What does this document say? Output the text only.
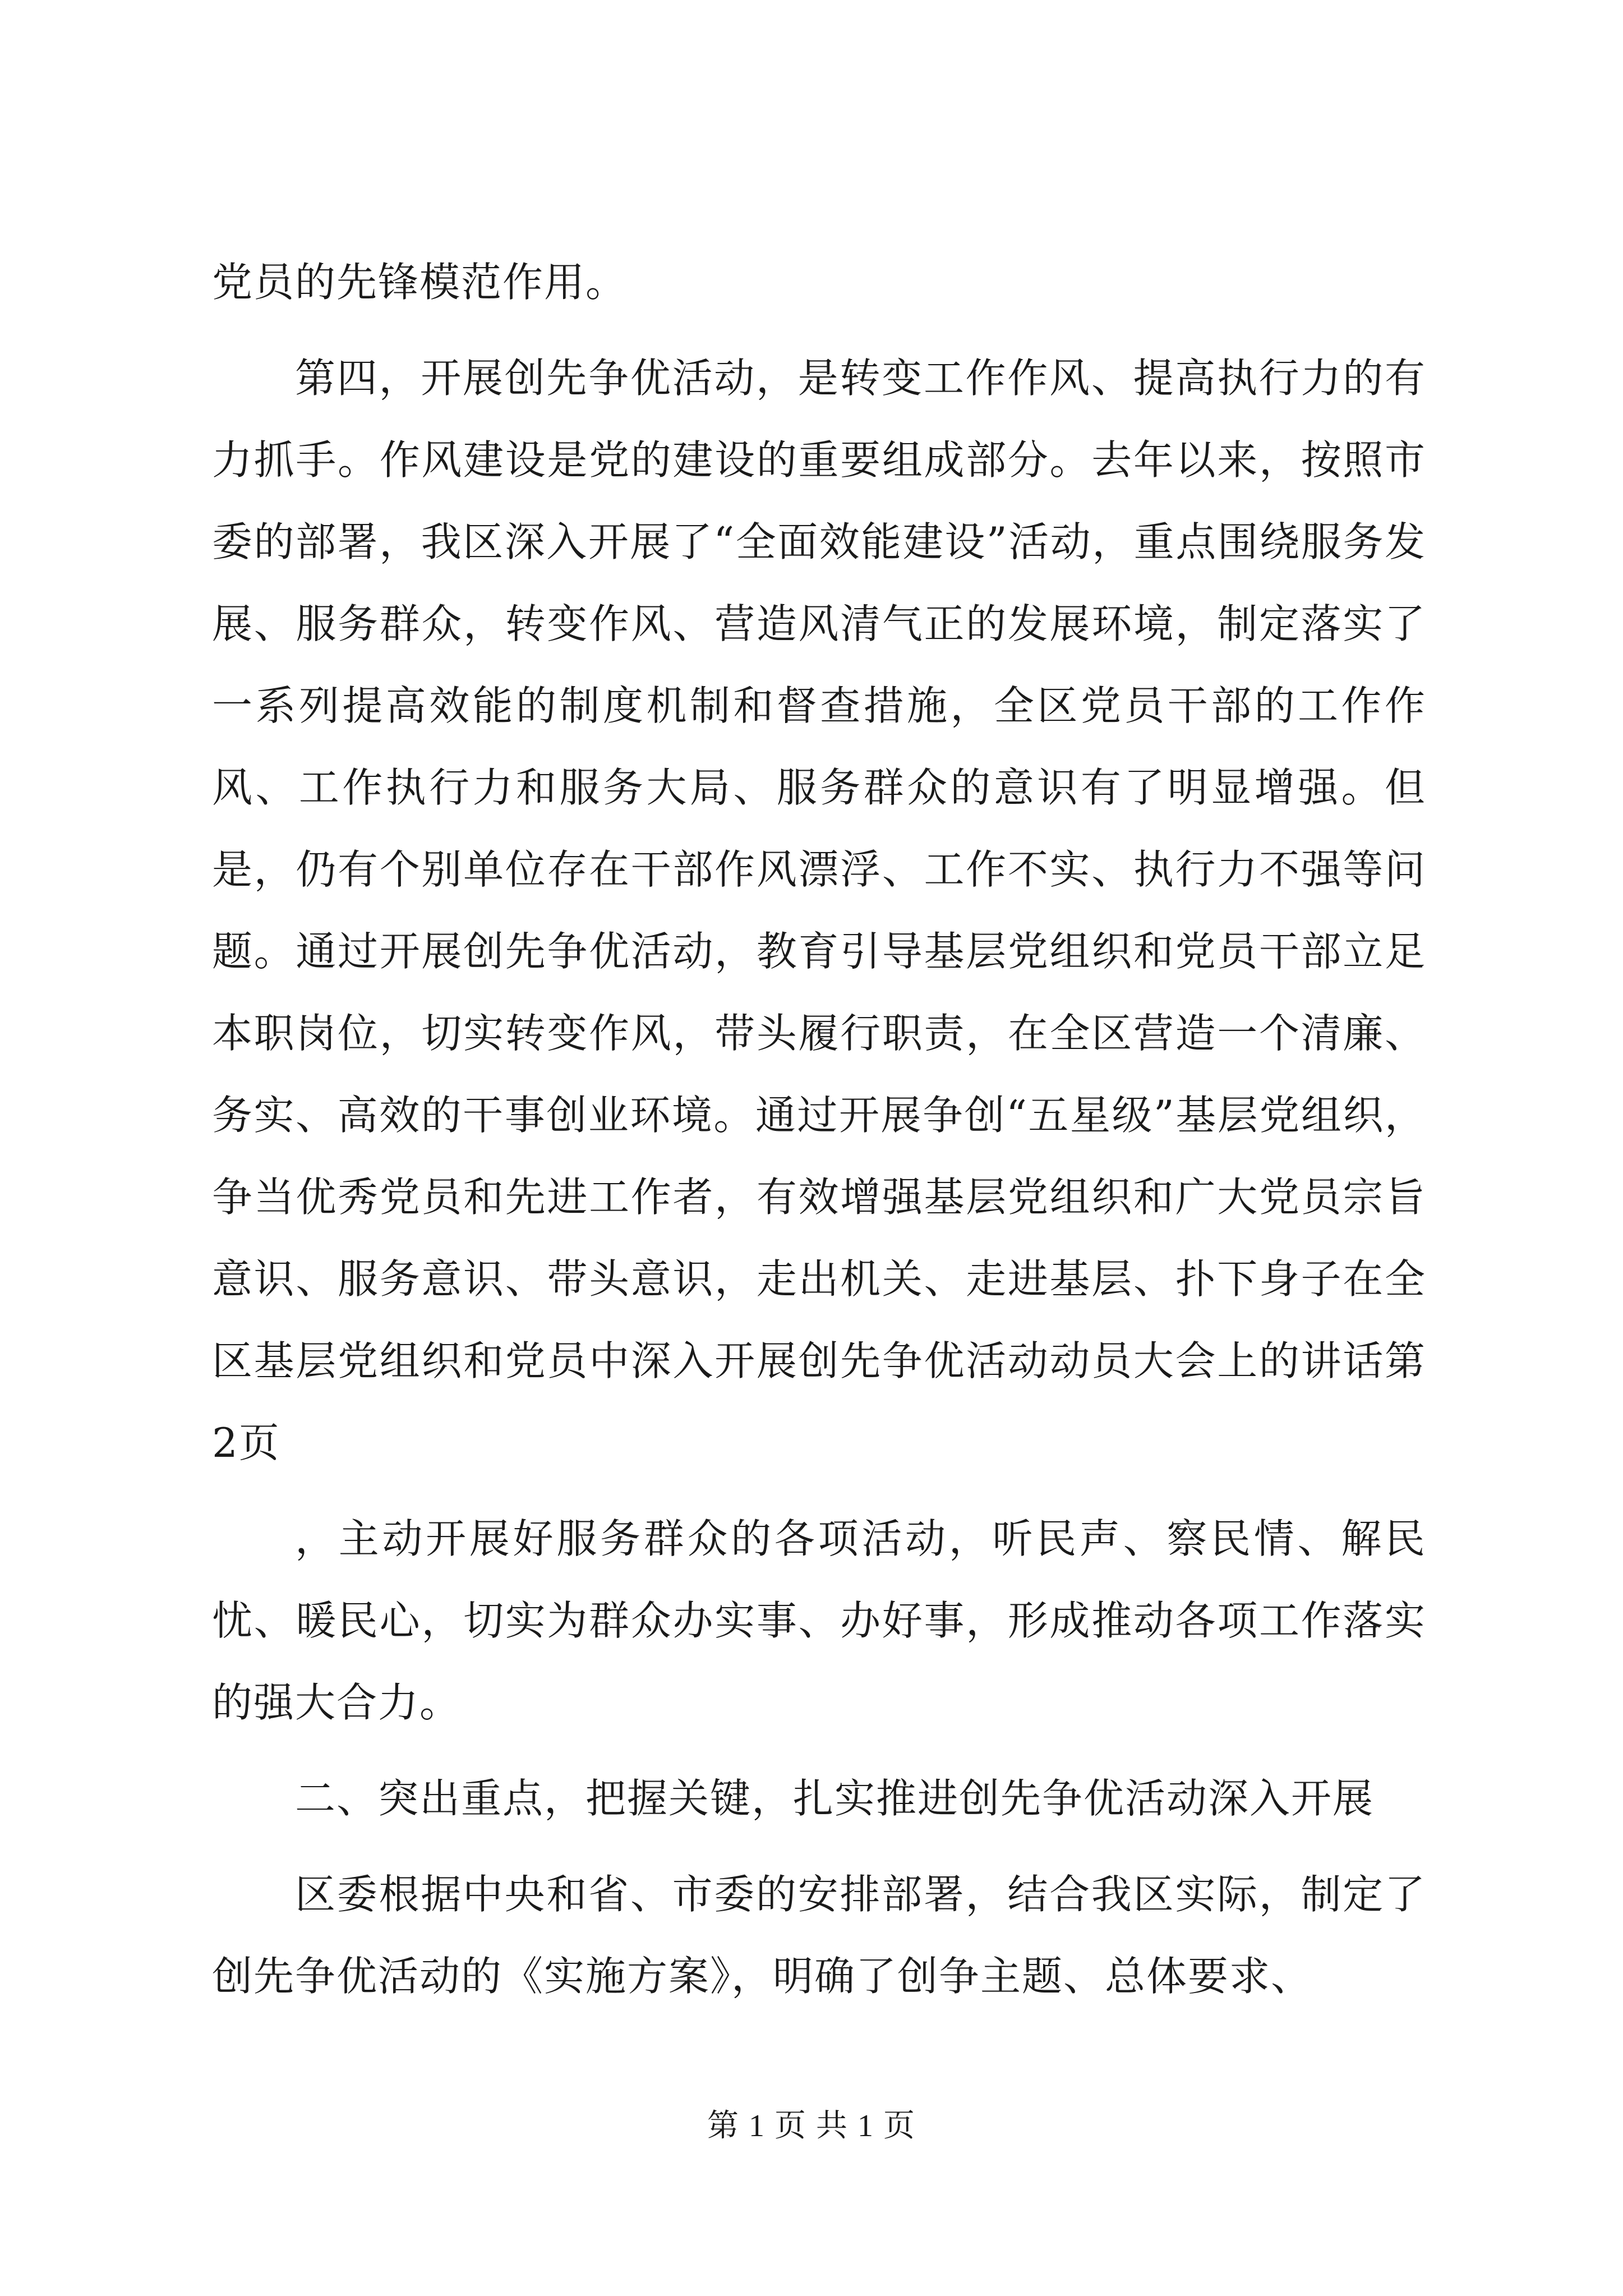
党员的先锋模范作用。

第四，开展创先争优活动，是转变工作作风、提高执行力的有力抓手。作风建设是党的建设的重要组成部分。去年以来，按照市委的部署，我区深入开展了“全面效能建设”活动，重点围绕服务发展、服务群众，转变作风、营造风清气正的发展环境，制定落实了一系列提高效能的制度机制和督查措施，全区党员干部的工作作风、工作执行力和服务大局、服务群众的意识有了明显增强。但是，仍有个别单位存在干部作风漂浮、工作不实、执行力不强等问题。通过开展创先争优活动，教育引导基层党组织和党员干部立足本职岗位，切实转变作风，带头履行职责，在全区营造一个清廉、务实、高效的干事创业环境。通过开展争创“五星级”基层党组织，争当优秀党员和先进工作者，有效增强基层党组织和广大党员宗旨意识、服务意识、带头意识，走出机关、走进基层、扑下身子在全区基层党组织和党员中深入开展创先争优活动动员大会上的讲话第2页

，主动开展好服务群众的各项活动，听民声、察民情、解民忧、暖民心，切实为群众办实事、办好事，形成推动各项工作落实的强大合力。

二、突出重点，把握关键，扎实推进创先争优活动深入开展

区委根据中央和省、市委的安排部署，结合我区实际，制定了创先争优活动的《实施方案》，明确了创争主题、总体要求、

第 1 页 共 1 页
